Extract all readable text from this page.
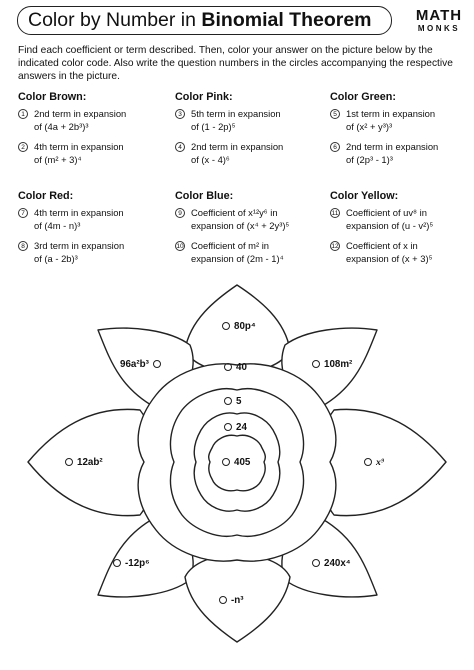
Color by Number in Binomial Theorem	MATH
MONKS
Find each coefficient or term described. Then, color your answer on the picture below by the indicated color code. Also write the question numbers in the circles accompanying the respective answers in the picture.
Color Brown:
1 2nd term in expansion
of (4a + 2b³)³
2 4th term in expansion
of (m² + 3)⁴
Color Pink:
3 5th term in expansion
of (1 - 2p)⁵
4 2nd term in expansion
of (x - 4)⁶
Color Green:
5 1st term in expansion
of (x² + y³)³
6 2nd term in expansion
of (2p³ - 1)³
Color Red:
7 4th term in expansion
of (4m - n)³
8 3rd term in expansion
of (a - 2b)³
Color Blue:
9 Coefficient of x¹²y⁶ in
expansion of (x⁴ + 2y³)⁵
10 Coefficient of m² in
expansion of (2m - 1)⁴
Color Yellow:
11 Coefficient of uv⁸ in
expansion of (u - v²)⁵
12 Coefficient of x in
expansion of (x + 3)⁵
80p⁴
96a²b³	108m²
12ab²	x⁹
-12p⁶	240x⁴
-n³
40
5
24
405
